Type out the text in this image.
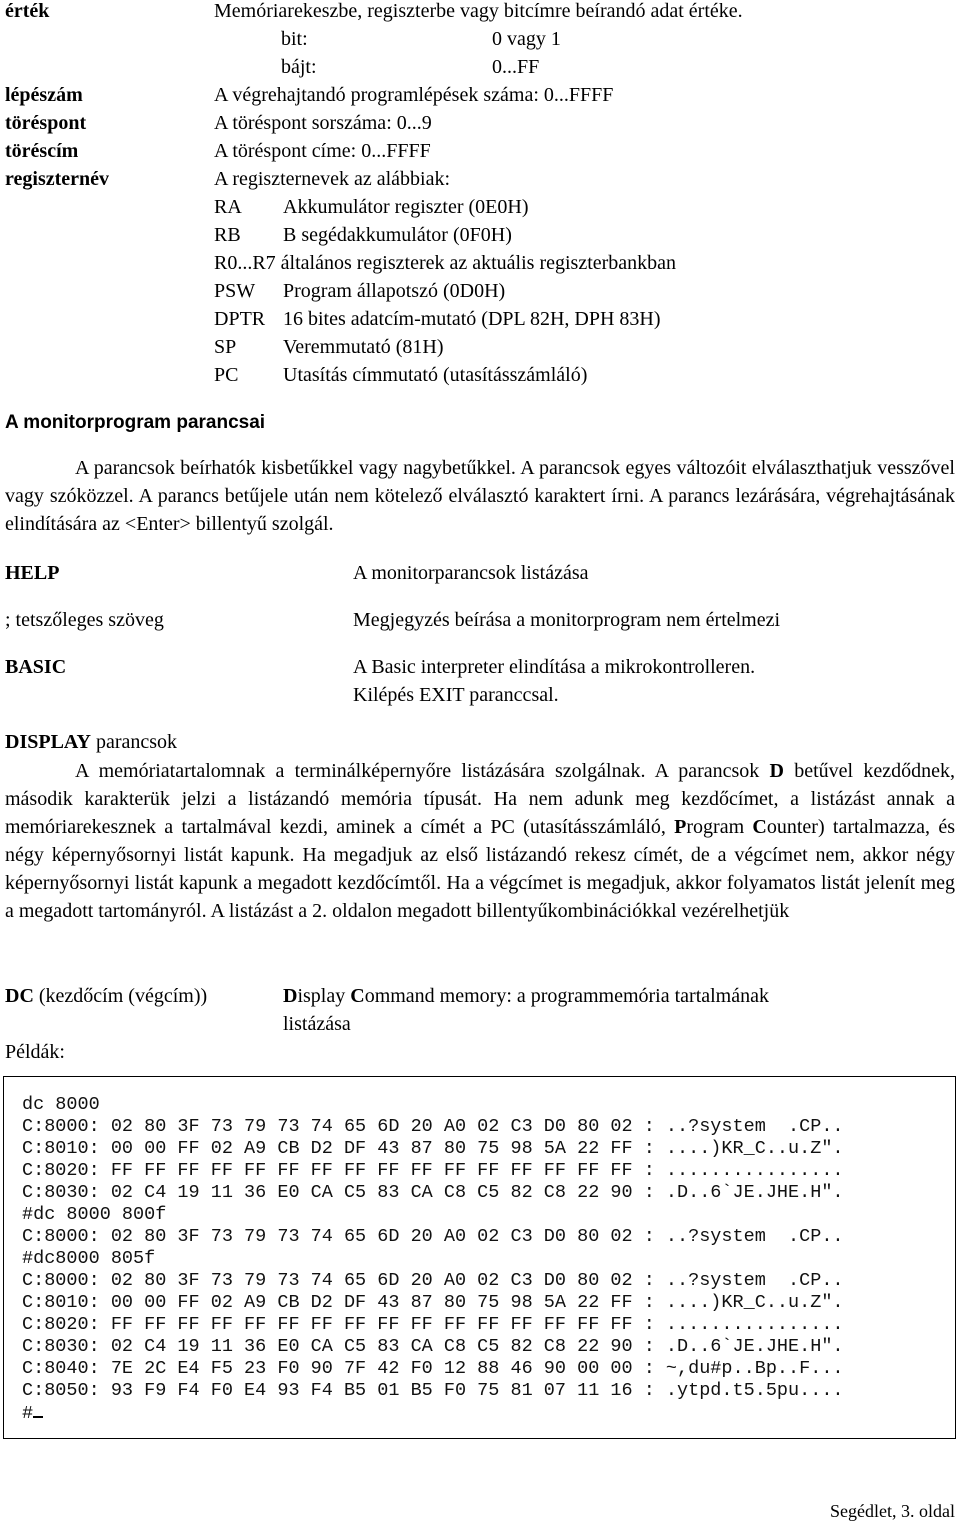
érték	Memóriarekeszbe, regiszterbe vagy bitcímre beírandó adat értéke.
bit:	0 vagy 1
bájt:	0...FF
lépészám	A végrehajtandó programlépések száma: 0...FFFF
töréspont	A töréspont sorszáma: 0...9
töréscím	A töréspont címe: 0...FFFF
regiszternév	A regiszternevek az alábbiak:
RA Akkumulátor regiszter (0E0H)
RB B segédakkumulátor (0F0H)
R0...R7 általános regiszterek az aktuális regiszterbankban
PSW Program állapotszó (0D0H)
DPTR 16 bites adatcím-mutató (DPL 82H, DPH 83H)
SP Veremmutató (81H)
PC Utasítás címmutató (utasításszámláló)
A monitorprogram parancsai
A parancsok beírhatók kisbetűkkel vagy nagybetűkkel. A parancsok egyes változóit elválaszthatjuk vesszővel vagy szóközzel. A parancs betűjele után nem kötelező elválasztó karaktert írni. A parancs lezárására, végrehajtásának elindítására az <Enter> billentyű szolgál.
HELP	A monitorparancsok listázása
; tetszőleges szöveg	Megjegyzés beírása a monitorprogram nem értelmezi
BASIC	A Basic interpreter elindítása a mikrokontrolleren.
Kilépés EXIT paranccsal.
DISPLAY parancsok
A memóriatartalomnak a terminálképernyőre listázására szolgálnak. A parancsok D betűvel kezdődnek, második karakterük jelzi a listázandó memória típusát. Ha nem adunk meg kezdőcímet, a listázást annak a memóriarekesznek a tartalmával kezdi, aminek a címét a PC (utasításszámláló, Program Counter) tartalmazza, és négy képernyősornyi listát kapunk. Ha megadjuk az első listázandó rekesz címét, de a végcímet nem, akkor négy képernyősornyi listát kapunk a megadott kezdőcímtől. Ha a végcímet is megadjuk, akkor folyamatos listát jelenít meg a megadott tartományról. A listázást a 2. oldalon megadott billentyűkombinációkkal vezérelhetjük
DC (kezdőcím (végcím))	Display Command memory: a programmemória tartalmának
listázása
Példák:
dc 8000
C:8000: 02 80 3F 73 79 73 74 65 6D 20 A0 02 C3 D0 80 02 : ..?system  .CP..
C:8010: 00 00 FF 02 A9 CB D2 DF 43 87 80 75 98 5A 22 FF : ....)KR_C..u.Z".
C:8020: FF FF FF FF FF FF FF FF FF FF FF FF FF FF FF FF : ................
C:8030: 02 C4 19 11 36 E0 CA C5 83 CA C8 C5 82 C8 22 90 : .D..6`JE.JHE.H".
#dc 8000 800f
C:8000: 02 80 3F 73 79 73 74 65 6D 20 A0 02 C3 D0 80 02 : ..?system  .CP..
#dc8000 805f
C:8000: 02 80 3F 73 79 73 74 65 6D 20 A0 02 C3 D0 80 02 : ..?system  .CP..
C:8010: 00 00 FF 02 A9 CB D2 DF 43 87 80 75 98 5A 22 FF : ....)KR_C..u.Z".
C:8020: FF FF FF FF FF FF FF FF FF FF FF FF FF FF FF FF : ................
C:8030: 02 C4 19 11 36 E0 CA C5 83 CA C8 C5 82 C8 22 90 : .D..6`JE.JHE.H".
C:8040: 7E 2C E4 F5 23 F0 90 7F 42 F0 12 88 46 90 00 00 : ~,du#p..Bp..F...
C:8050: 93 F9 F4 F0 E4 93 F4 B5 01 B5 F0 75 81 07 11 16 : .ytpd.t5.5pu....
#
Segédlet, 3. oldal
